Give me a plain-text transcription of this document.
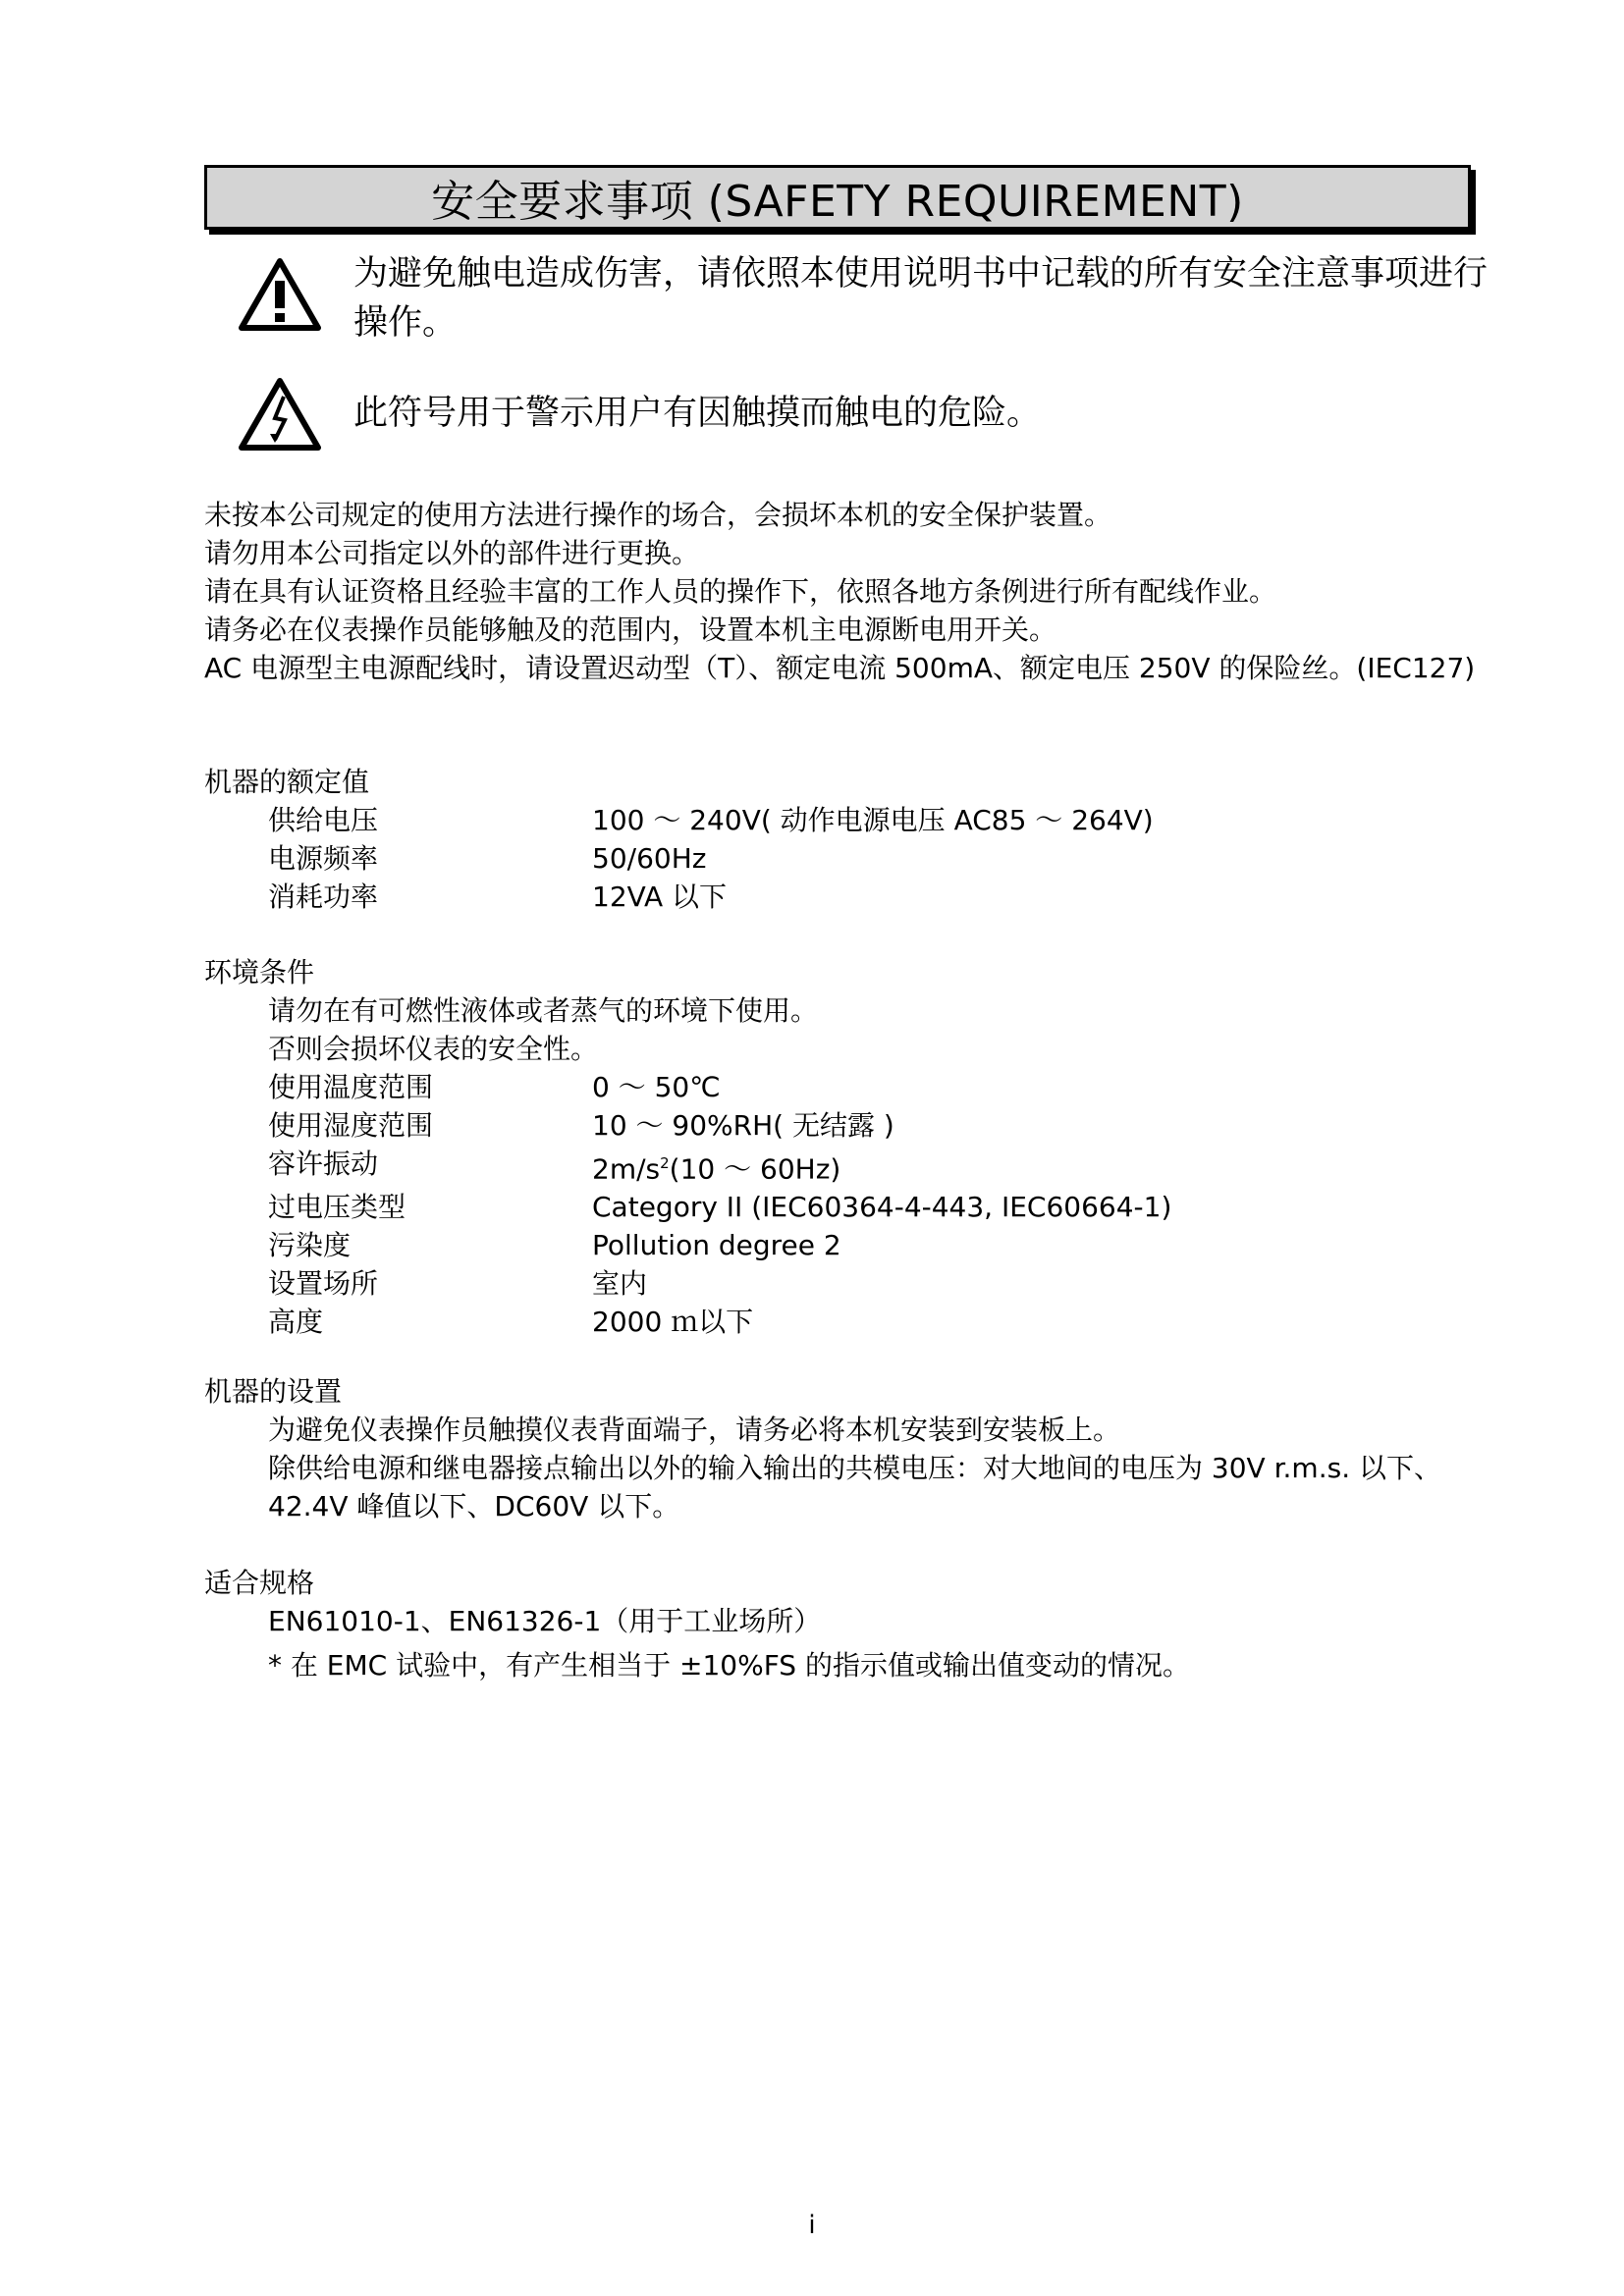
安全要求事项 (SAFETY REQUIREMENT)
为避免触电造成伤害，请依照本使用说明书中记载的所有安全注意事项进行操作。
此符号用于警示用户有因触摸而触电的危险。

未按本公司规定的使用方法进行操作的场合，会损坏本机的安全保护装置。

请勿用本公司指定以外的部件进行更换。

请在具有认证资格且经验丰富的工作人员的操作下，依照各地方条例进行所有配线作业。

请务必在仪表操作员能够触及的范围内，设置本机主电源断电用开关。

AC 电源型主电源配线时，请设置迟动型（T）、额定电流 500mA、额定电压 250V 的保险丝。(IEC127)

机器的额定值

供给电压	100 ～ 240V( 动作电源电压 AC85 ～ 264V)
电源频率	50/60Hz
消耗功率	12VA 以下

环境条件

请勿在有可燃性液体或者蒸气的环境下使用。

否则会损坏仪表的安全性。

使用温度范围	0 ～ 50℃
使用湿度范围	10 ～ 90%RH( 无结露 )
容许振动	$2m/s^2(10$ ～ 60Hz)
过电压类型	Category II (IEC60364-4-443, IEC60664-1)
污染度	Pollution degree 2
设置场所	室内
高度	2000 ｍ以下

机器的设置

为避免仪表操作员触摸仪表背面端子，请务必将本机安装到安装板上。

除供给电源和继电器接点输出以外的输入输出的共模电压：对大地间的电压为 30V r.m.s. 以下、42.4V 峰值以下、DC60V 以下。

适合规格

EN61010-1、EN61326-1（用于工业场所）

* 在 EMC 试验中，有产生相当于 ±10%FS 的指示值或输出值变动的情况。

i
